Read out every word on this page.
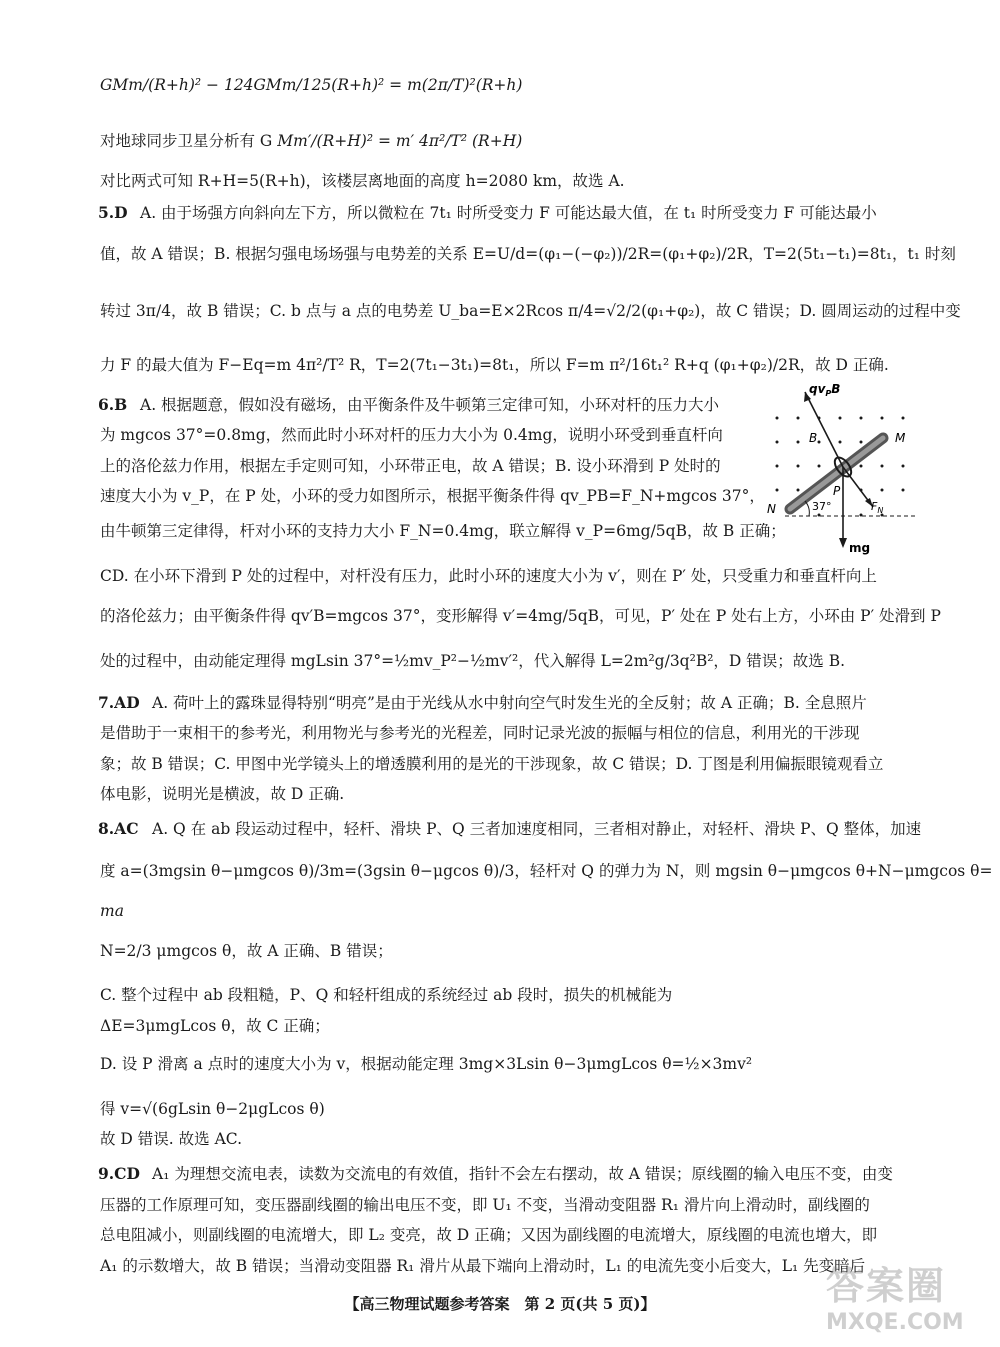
GMm/(R+h)² − 124GMm/125(R+h)² = m(2π/T)²(R+h)
对地球同步卫星分析有 G Mm′/(R+H)² = m′ 4π²/T² (R+H)
对比两式可知 R+H=5(R+h)，该楼层离地面的高度 h=2080 km，故选 A.
5.D A. 由于场强方向斜向左下方，所以微粒在 7t₁ 时所受变力 F 可能达最大值，在 t₁ 时所受变力 F 可能达最小
值，故 A 错误；B. 根据匀强电场场强与电势差的关系 E=U/d=(φ₁−(−φ₂))/2R=(φ₁+φ₂)/2R，T=2(5t₁−t₁)=8t₁，t₁ 时刻
转过 3π/4，故 B 错误；C. b 点与 a 点的电势差 U_ba=E×2Rcos π/4=√2/2(φ₁+φ₂)，故 C 错误；D. 圆周运动的过程中变
力 F 的最大值为 F−Eq=m 4π²/T² R，T=2(7t₁−3t₁)=8t₁，所以 F=m π²/16t₁² R+q (φ₁+φ₂)/2R，故 D 正确.
6.B A. 根据题意，假如没有磁场，由平衡条件及牛顿第三定律可知，小环对杆的压力大小
为 mgcos 37°=0.8mg，然而此时小环对杆的压力大小为 0.4mg，说明小环受到垂直杆向
上的洛伦兹力作用，根据左手定则可知，小环带正电，故 A 错误；B. 设小环滑到 P 处时的
速度大小为 v_P，在 P 处，小环的受力如图所示，根据平衡条件得 qv_PB=F_N+mgcos 37°，
由牛顿第三定律得，杆对小环的支持力大小 F_N=0.4mg，联立解得 v_P=6mg/5qB，故 B 正确；
CD. 在小环下滑到 P 处的过程中，对杆没有压力，此时小环的速度大小为 v′，则在 P′ 处，只受重力和垂直杆向上
的洛伦兹力；由平衡条件得 qv′B=mgcos 37°，变形解得 v′=4mg/5qB，可见，P′ 处在 P 处右上方，小环由 P′ 处滑到 P
处的过程中，由动能定理得 mgLsin 37°=½mv_P²−½mv′²，代入解得 L=2m²g/3q²B²，D 错误；故选 B.
$qv_PB$
B	M
P
N	37°	$F_N$
mg
7.AD A. 荷叶上的露珠显得特别“明亮”是由于光线从水中射向空气时发生光的全反射；故 A 正确；B. 全息照片
是借助于一束相干的参考光，利用物光与参考光的光程差，同时记录光波的振幅与相位的信息，利用光的干涉现
象；故 B 错误；C. 甲图中光学镜头上的增透膜利用的是光的干涉现象，故 C 错误；D. 丁图是利用偏振眼镜观看立
体电影，说明光是横波，故 D 正确.
8.AC A. Q 在 ab 段运动过程中，轻杆、滑块 P、Q 三者加速度相同，三者相对静止，对轻杆、滑块 P、Q 整体，加速
度 a=(3mgsin θ−μmgcos θ)/3m=(3gsin θ−μgcos θ)/3，轻杆对 Q 的弹力为 N，则 mgsin θ−μmgcos θ+N−μmgcos θ=
ma
N=2/3 μmgcos θ，故 A 正确、B 错误；
C. 整个过程中 ab 段粗糙，P、Q 和轻杆组成的系统经过 ab 段时，损失的机械能为
ΔE=3μmgLcos θ，故 C 正确；
D. 设 P 滑离 a 点时的速度大小为 v，根据动能定理 3mg×3Lsin θ−3μmgLcos θ=½×3mv²
得 v=√(6gLsin θ−2μgLcos θ)
故 D 错误. 故选 AC.
9.CD A₁ 为理想交流电表，读数为交流电的有效值，指针不会左右摆动，故 A 错误；原线圈的输入电压不变，由变
压器的工作原理可知，变压器副线圈的输出电压不变，即 U₁ 不变，当滑动变阻器 R₁ 滑片向上滑动时，副线圈的
总电阻减小，则副线圈的电流增大，即 L₂ 变亮，故 D 正确；又因为副线圈的电流增大，原线圈的电流也增大，即
A₁ 的示数增大，故 B 错误；当滑动变阻器 R₁ 滑片从最下端向上滑动时，L₁ 的电流先变小后变大，L₁ 先变暗后
【高三物理试题参考答案　第 2 页(共 5 页)】	答案圈
MXQE.COM
